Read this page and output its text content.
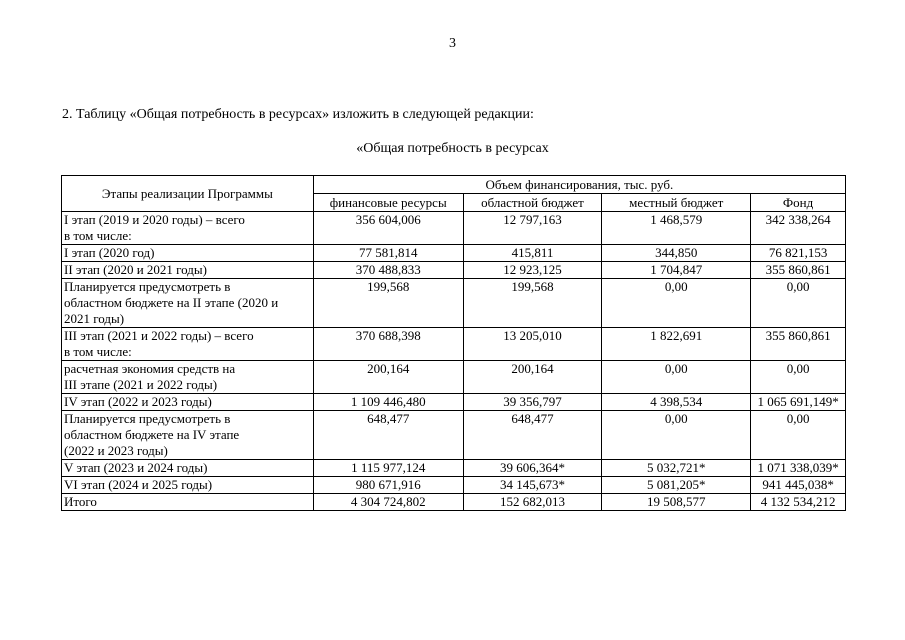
3
2. Таблицу «Общая потребность в ресурсах» изложить в следующей редакции:
«Общая потребность в ресурсах
Этапы реализации Программы	Объем финансирования, тыс. руб.			
	финансовые ресурсы	областной бюджет	местный бюджет	Фонд
I этап (2019 и 2020 годы) – всего
в том числе:	356 604,006	12 797,163	1 468,579	342 338,264
I этап (2020 год)	77 581,814	415,811	344,850	76 821,153
II этап (2020 и 2021 годы)	370 488,833	12 923,125	1 704,847	355 860,861
Планируется предусмотреть в
областном бюджете на II этапе (2020 и
2021 годы)	199,568	199,568	0,00	0,00
III этап (2021 и 2022 годы) – всего
в том числе:	370 688,398	13 205,010	1 822,691	355 860,861
расчетная экономия средств на
III этапе (2021 и 2022 годы)	200,164	200,164	0,00	0,00
IV этап (2022 и 2023 годы)	1 109 446,480	39 356,797	4 398,534	1 065 691,149*
Планируется предусмотреть в
областном бюджете на IV этапе
(2022 и 2023 годы)	648,477	648,477	0,00	0,00
V этап (2023 и 2024 годы)	1 115 977,124	39 606,364*	5 032,721*	1 071 338,039*
VI этап (2024 и 2025 годы)	980 671,916	34 145,673*	5 081,205*	941 445,038*
Итого	4 304 724,802	152 682,013	19 508,577	4 132 534,212
